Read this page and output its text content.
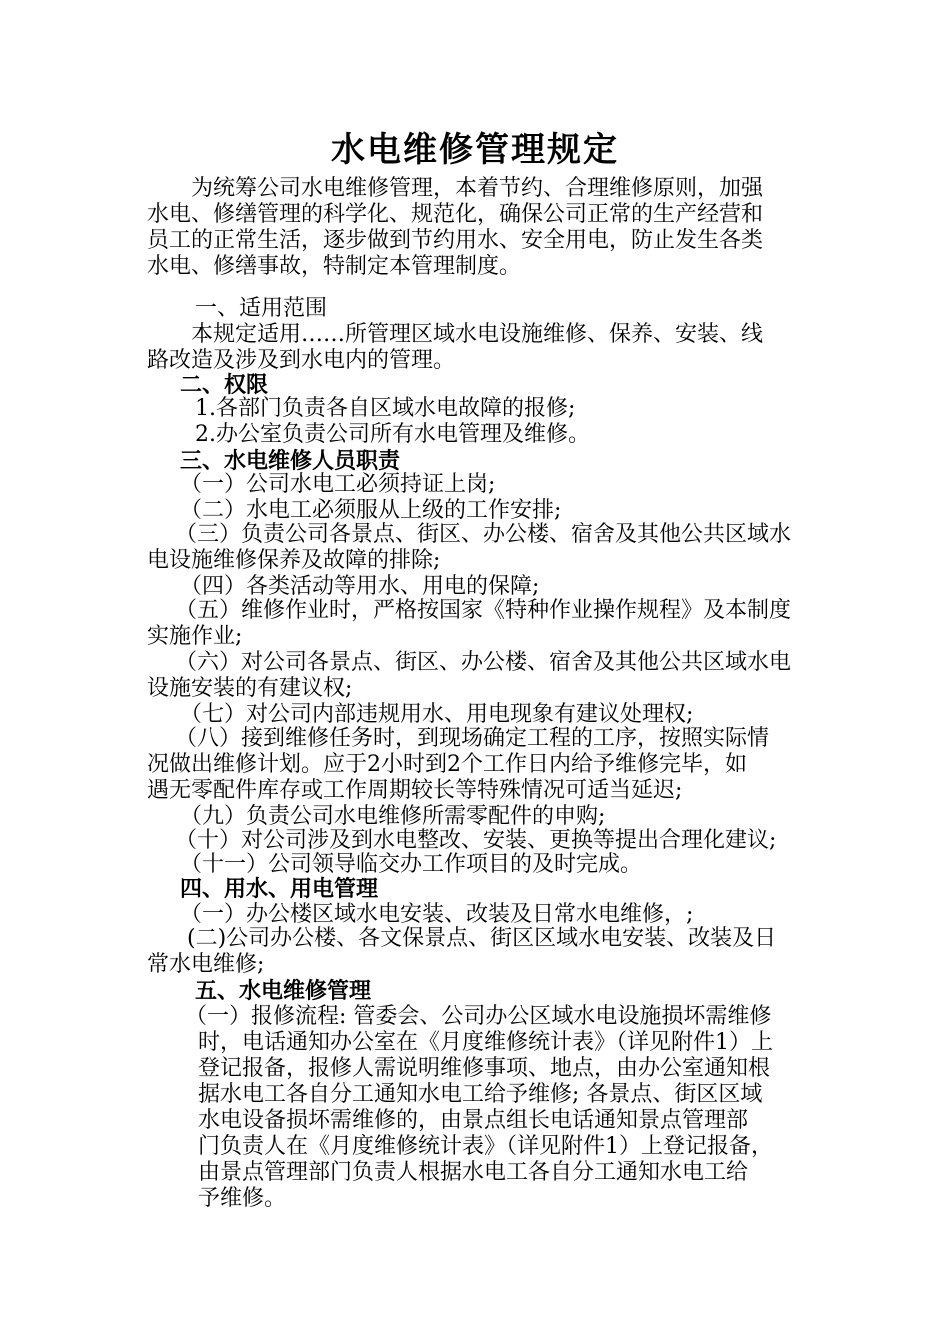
水电维修管理规定
为统筹公司水电维修管理，本着节约、合理维修原则，加强
水电、修缮管理的科学化、规范化，确保公司正常的生产经营和
员工的正常生活，逐步做到节约用水、安全用电，防止发生各类
水电、修缮事故，特制定本管理制度。
一、适用范围
本规定适用……所管理区域水电设施维修、保养、安装、线
路改造及涉及到水电内的管理。
二、权限
1.各部门负责各自区域水电故障的报修;
2.办公室负责公司所有水电管理及维修。
三、水电维修人员职责
（一）公司水电工必须持证上岗;
（二）水电工必须服从上级的工作安排;
（三）负责公司各景点、街区、办公楼、宿舍及其他公共区域水
电设施维修保养及故障的排除;
（四）各类活动等用水、用电的保障;
（五）维修作业时，严格按国家《特种作业操作规程》及本制度
实施作业;
（六）对公司各景点、街区、办公楼、宿舍及其他公共区域水电
设施安装的有建议权;
（七）对公司内部违规用水、用电现象有建议处理权;
（八）接到维修任务时，到现场确定工程的工序，按照实际情
况做出维修计划。应于2小时到2个工作日内给予维修完毕，如
遇无零配件库存或工作周期较长等特殊情况可适当延迟;
（九）负责公司水电维修所需零配件的申购;
（十）对公司涉及到水电整改、安装、更换等提出合理化建议;
（十一）公司领导临交办工作项目的及时完成。
四、用水、用电管理
（一）办公楼区域水电安装、改装及日常水电维修，;
(二)公司办公楼、各文保景点、街区区域水电安装、改装及日
常水电维修;
五、水电维修管理
（一）报修流程: 管委会、公司办公区域水电设施损坏需维修
时，电话通知办公室在《月度维修统计表》（详见附件1）上
登记报备，报修人需说明维修事项、地点，由办公室通知根
据水电工各自分工通知水电工给予维修; 各景点、街区区域
水电设备损坏需维修的，由景点组长电话通知景点管理部
门负责人在《月度维修统计表》（详见附件1）上登记报备，
由景点管理部门负责人根据水电工各自分工通知水电工给
予维修。
